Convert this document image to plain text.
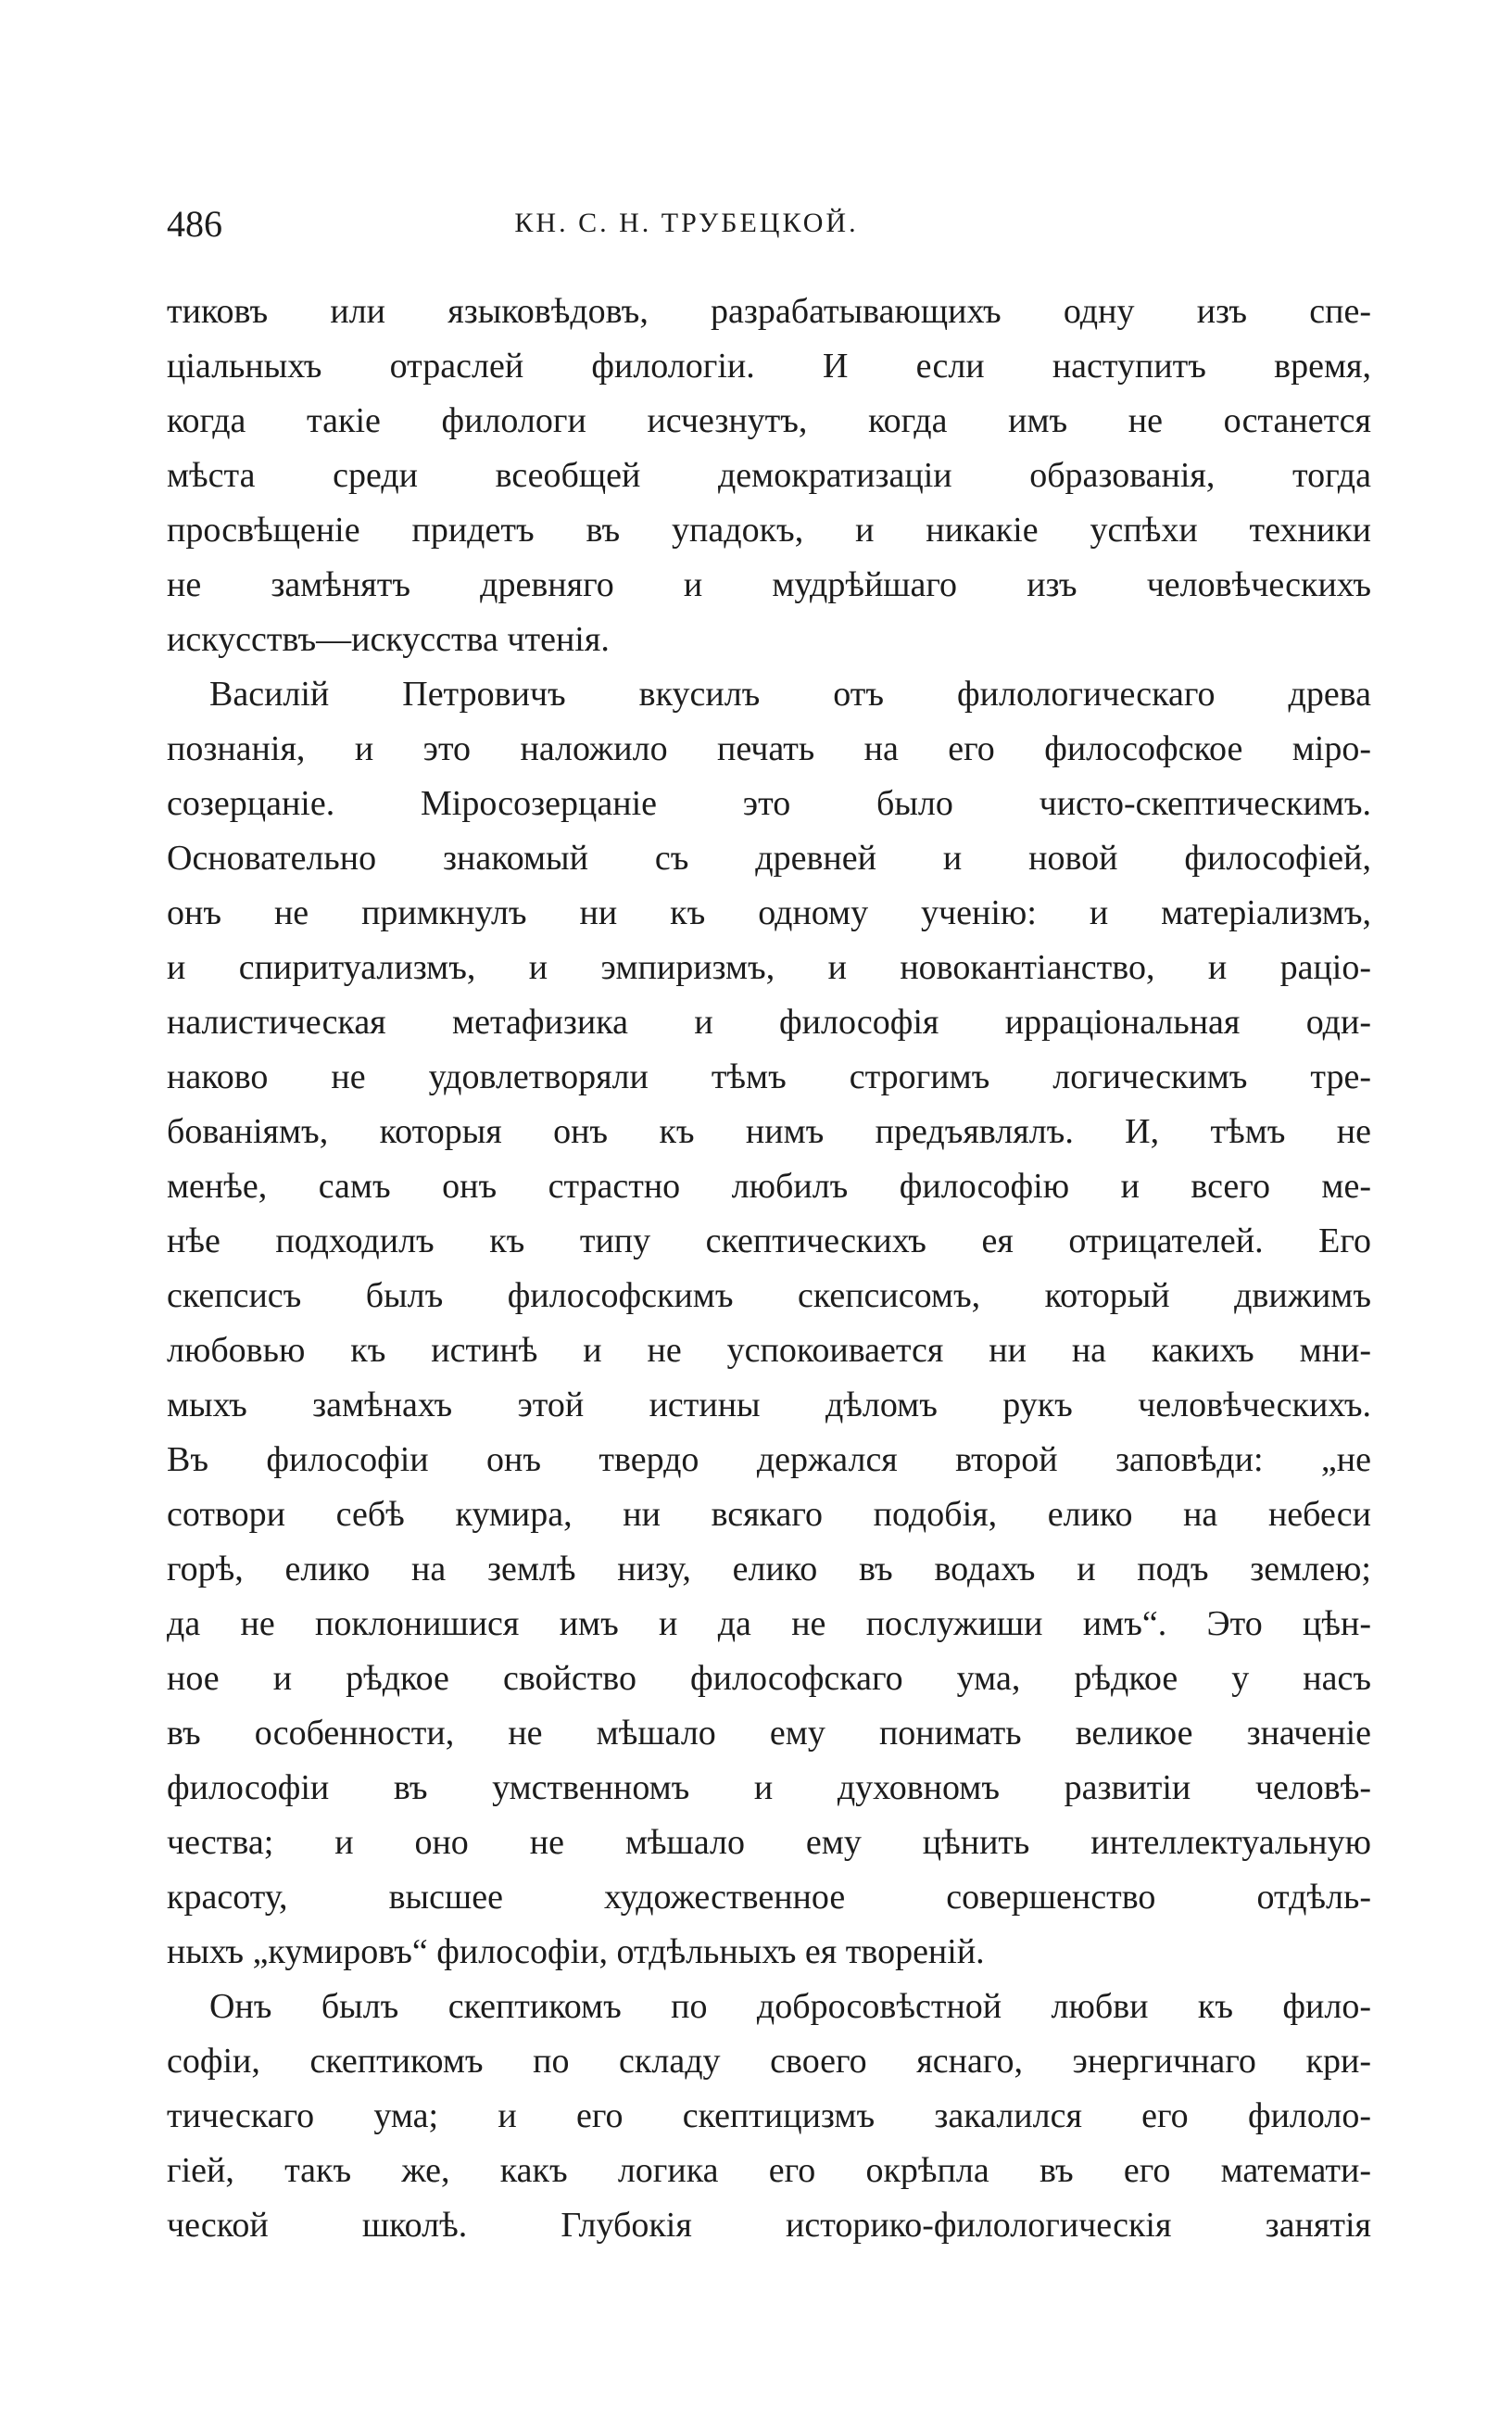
486	КН. С. Н. ТРУБЕЦКОЙ.
тиковъ или языковѣдовъ, разрабатывающихъ одну изъ спе-
ціальныхъ отраслей филологіи. И если наступитъ время,
когда такіе филологи исчезнутъ, когда имъ не останется
мѣста среди всеобщей демократизаціи образованія, тогда
просвѣщеніе придетъ въ упадокъ, и никакіе успѣхи техники
не замѣнятъ древняго и мудрѣйшаго изъ человѣческихъ
искусствъ—искусства чтенія.
Василій Петровичъ вкусилъ отъ филологическаго древа
познанія, и это наложило печать на его философское міро-
созерцаніе. Міросозерцаніе это было чисто-скептическимъ.
Основательно знакомый съ древней и новой философіей,
онъ не примкнулъ ни къ одному ученію: и матеріализмъ,
и спиритуализмъ, и эмпиризмъ, и новокантіанство, и раціо-
налистическая метафизика и философія ирраціональная оди-
наково не удовлетворяли тѣмъ строгимъ логическимъ тре-
бованіямъ, которыя онъ къ нимъ предъявлялъ. И, тѣмъ не
менѣе, самъ онъ страстно любилъ философію и всего ме-
нѣе подходилъ къ типу скептическихъ ея отрицателей. Его
скепсисъ былъ философскимъ скепсисомъ, который движимъ
любовью къ истинѣ и не успокоивается ни на какихъ мни-
мыхъ замѣнахъ этой истины дѣломъ рукъ человѣческихъ.
Въ философіи онъ твердо держался второй заповѣди: „не
сотвори себѣ кумира, ни всякаго подобія, елико на небеси
горѣ, елико на землѣ низу, елико въ водахъ и подъ землею;
да не поклонишися имъ и да не послужиши имъ“. Это цѣн-
ное и рѣдкое свойство философскаго ума, рѣдкое у насъ
въ особенности, не мѣшало ему понимать великое значеніе
философіи въ умственномъ и духовномъ развитіи человѣ-
чества; и оно не мѣшало ему цѣнить интеллектуальную
красоту, высшее художественное совершенство отдѣль-
ныхъ „кумировъ“ философіи, отдѣльныхъ ея твореній.
Онъ былъ скептикомъ по добросовѣстной любви къ фило-
софіи, скептикомъ по складу своего яснаго, энергичнаго кри-
тическаго ума; и его скептицизмъ закалился его филоло-
гіей, такъ же, какъ логика его окрѣпла въ его математи-
ческой школѣ. Глубокія историко-филологическія занятія
